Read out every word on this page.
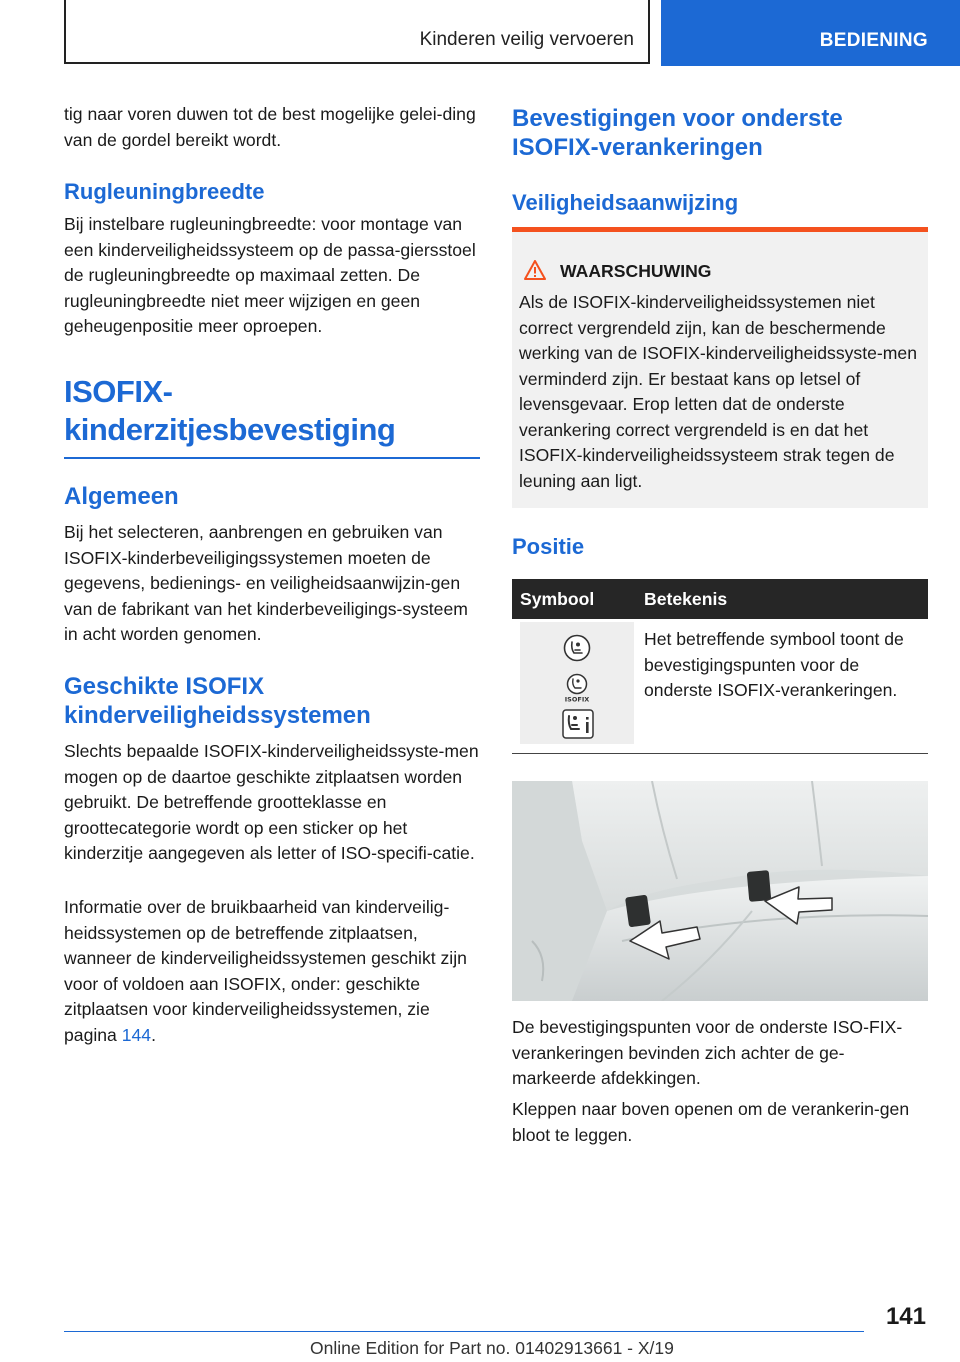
Kinderen veilig vervoeren	BEDIENING

tig naar voren duwen tot de best mogelijke gelei-ding van de gordel bereikt wordt.

Rugleuningbreedte

Bij instelbare rugleuningbreedte: voor montage van een kinderveiligheidssysteem op de passa-giersstoel de rugleuningbreedte op maximaal zetten. De rugleuningbreedte niet meer wijzigen en geen geheugenpositie meer oproepen.

ISOFIX-
kinderzitjesbevestiging
Algemeen

Bij het selecteren, aanbrengen en gebruiken van ISOFIX-kinderbeveiligingssystemen moeten de gegevens, bedienings- en veiligheidsaanwijzin-gen van de fabrikant van het kinderbeveiligings-systeem in acht worden genomen.

Geschikte ISOFIX
kinderveiligheidssystemen

Slechts bepaalde ISOFIX-kinderveiligheidssyste-men mogen op de daartoe geschikte zitplaatsen worden gebruikt. De betreffende grootteklasse en groottecategorie wordt op een sticker op het kinderzitje aangegeven als letter of ISO-specifi-catie.

Informatie over de bruikbaarheid van kinderveilig-heidssystemen op de betreffende zitplaatsen, wanneer de kinderveiligheidssystemen geschikt zijn voor of voldoen aan ISOFIX, onder: geschikte zitplaatsen voor kinderveiligheidssystemen, zie pagina 144.

Bevestigingen voor onderste
ISOFIX-verankeringen
Veiligheidsaanwijzing
WAARSCHUWING

Als de ISOFIX-kinderveiligheidssystemen niet correct vergrendeld zijn, kan de beschermende werking van de ISOFIX-kinderveiligheidssyste-men verminderd zijn. Er bestaat kans op letsel of levensgevaar. Erop letten dat de onderste verankering correct vergrendeld is en dat het ISOFIX-kinderveiligheidssysteem strak tegen de leuning aan ligt.

Positie
Symbool	Betekenis
ISOFIX

Het betreffende symbool toont de bevestigingspunten voor de onderste ISOFIX-verankeringen.

De bevestigingspunten voor de onderste ISO-FIX-verankeringen bevinden zich achter de ge-markeerde afdekkingen.

Kleppen naar boven openen om de verankerin-gen bloot te leggen.

141
Online Edition for Part no. 01402913661 - X/19
